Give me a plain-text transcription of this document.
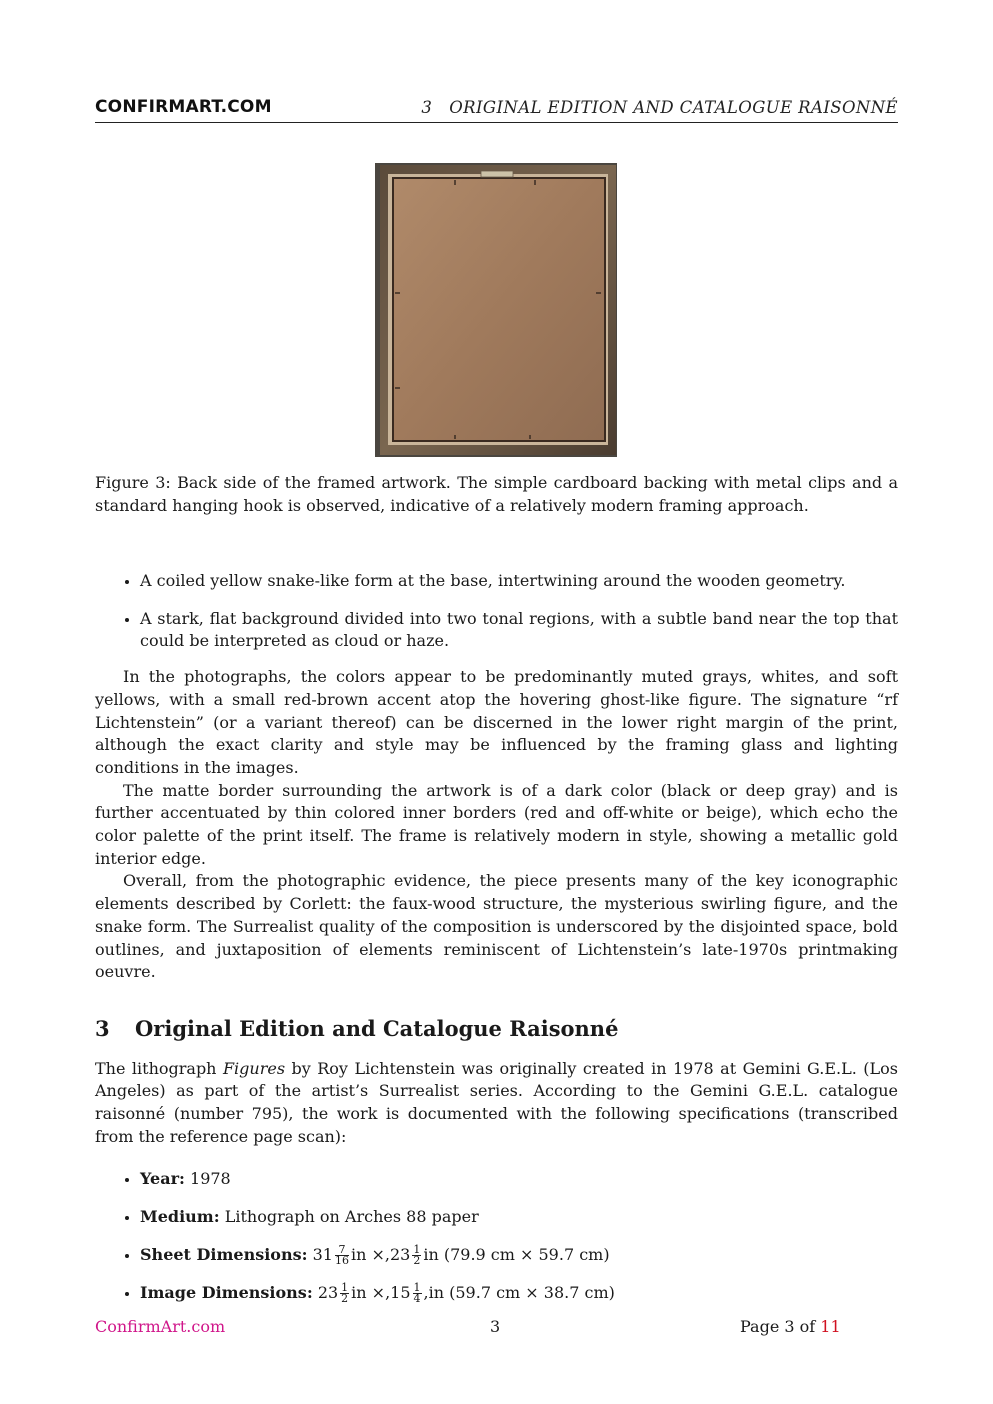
CONFIRMART.COM	3   ORIGINAL EDITION AND CATALOGUE RAISONNÉ
Figure 3: Back side of the framed artwork. The simple cardboard backing with metal clips and a standard hanging hook is observed, indicative of a relatively modern framing approach.
• A coiled yellow snake-like form at the base, intertwining around the wooden geometry.
• A stark, flat background divided into two tonal regions, with a subtle band near the top that could be interpreted as cloud or haze.

In the photographs, the colors appear to be predominantly muted grays, whites, and soft yellows, with a small red-brown accent atop the hovering ghost-like figure. The signature “rf Lichtenstein” (or a variant thereof) can be discerned in the lower right margin of the print, although the exact clarity and style may be influenced by the framing glass and lighting conditions in the images.

The matte border surrounding the artwork is of a dark color (black or deep gray) and is further accentuated by thin colored inner borders (red and off-white or beige), which echo the color palette of the print itself. The frame is relatively modern in style, showing a metallic gold interior edge.

Overall, from the photographic evidence, the piece presents many of the key iconographic elements described by Corlett: the faux-wood structure, the mysterious swirling figure, and the snake form. The Surrealist quality of the composition is underscored by the disjointed space, bold outlines, and juxtaposition of elements reminiscent of Lichtenstein’s late-1970s printmaking oeuvre.

3	Original Edition and Catalogue Raisonné

The lithograph Figures by Roy Lichtenstein was originally created in 1978 at Gemini G.E.L. (Los Angeles) as part of the artist’s Surrealist series. According to the Gemini G.E.L. catalogue raisonné (number 795), the work is documented with the following specifications (transcribed from the reference page scan):

• Year: 1978
• Medium: Lithograph on Arches 88 paper
• Sheet Dimensions: $31 \frac{7}{16}$ in $\times,23 \frac{1}{2}$ in (79.9 cm × 59.7 cm)
• Image Dimensions: $23 \frac{1}{2}$ in $\times,15 \frac{1}{4} ,in$ (59.7 cm × 38.7 cm)
ConfirmArt.com	3	Page 3 of 11
